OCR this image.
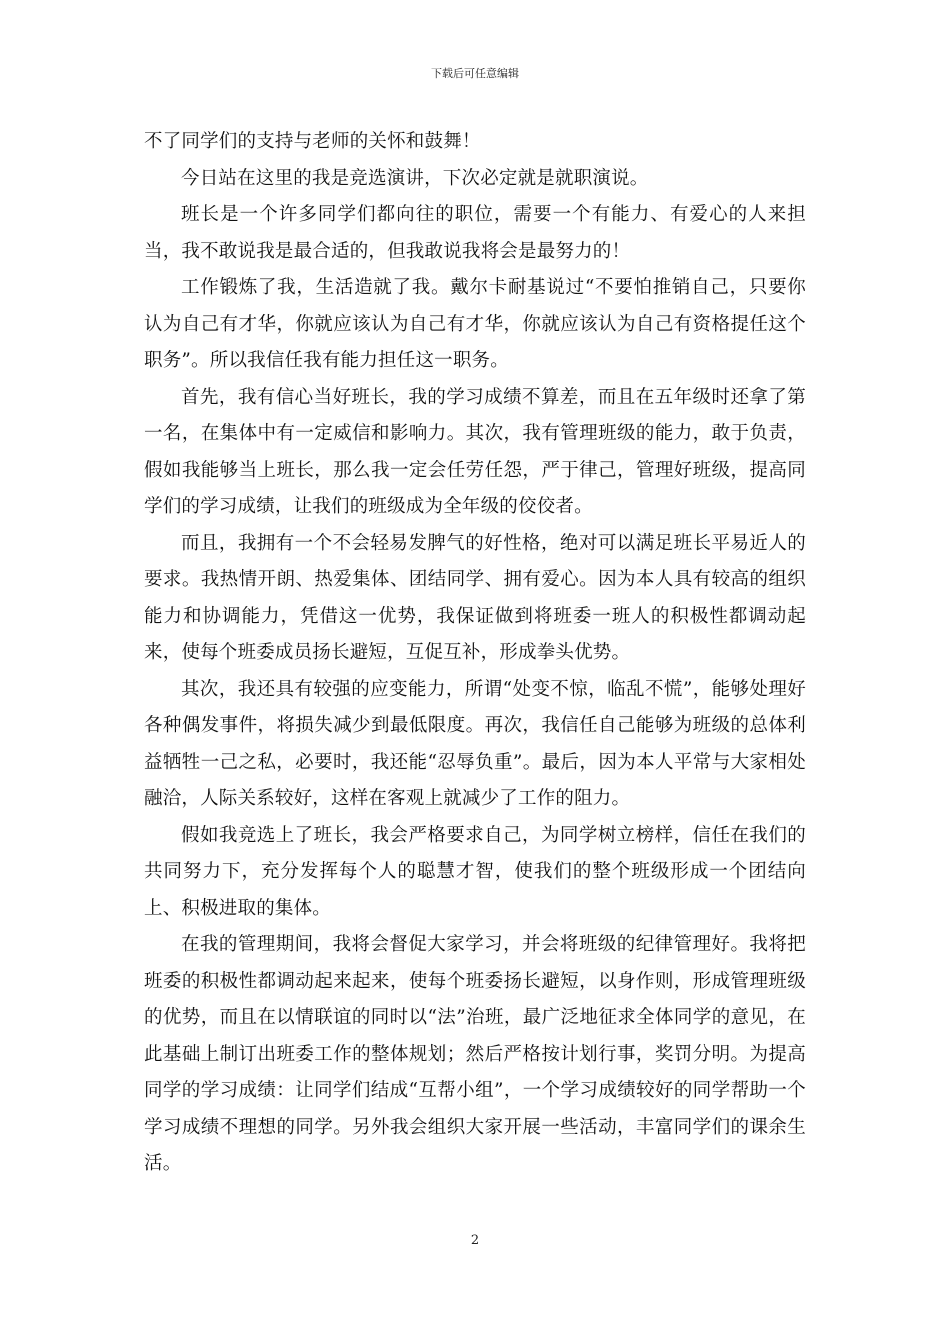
下载后可任意编辑

不了同学们的支持与老师的关怀和鼓舞！

今日站在这里的我是竞选演讲，下次必定就是就职演说。

班长是一个许多同学们都向往的职位，需要一个有能力、有爱心的人来担当，我不敢说我是最合适的，但我敢说我将会是最努力的！

工作锻炼了我，生活造就了我。戴尔卡耐基说过“不要怕推销自己，只要你认为自己有才华，你就应该认为自己有才华，你就应该认为自己有资格提任这个职务”。所以我信任我有能力担任这一职务。

首先，我有信心当好班长，我的学习成绩不算差，而且在五年级时还拿了第一名，在集体中有一定威信和影响力。其次，我有管理班级的能力，敢于负责，假如我能够当上班长，那么我一定会任劳任怨，严于律己，管理好班级，提高同学们的学习成绩，让我们的班级成为全年级的佼佼者。

而且，我拥有一个不会轻易发脾气的好性格，绝对可以满足班长平易近人的要求。我热情开朗、热爱集体、团结同学、拥有爱心。因为本人具有较高的组织能力和协调能力，凭借这一优势，我保证做到将班委一班人的积极性都调动起来，使每个班委成员扬长避短，互促互补，形成拳头优势。

其次，我还具有较强的应变能力，所谓“处变不惊，临乱不慌”，能够处理好各种偶发事件，将损失减少到最低限度。再次，我信任自己能够为班级的总体利益牺牲一己之私，必要时，我还能“忍辱负重”。最后，因为本人平常与大家相处融洽，人际关系较好，这样在客观上就减少了工作的阻力。

假如我竞选上了班长，我会严格要求自己，为同学树立榜样，信任在我们的共同努力下，充分发挥每个人的聪慧才智，使我们的整个班级形成一个团结向上、积极进取的集体。

在我的管理期间，我将会督促大家学习，并会将班级的纪律管理好。我将把班委的积极性都调动起来起来，使每个班委扬长避短，以身作则，形成管理班级的优势，而且在以情联谊的同时以“法”治班，最广泛地征求全体同学的意见，在此基础上制订出班委工作的整体规划；然后严格按计划行事，奖罚分明。为提高同学的学习成绩：让同学们结成“互帮小组”，一个学习成绩较好的同学帮助一个学习成绩不理想的同学。另外我会组织大家开展一些活动，丰富同学们的课余生活。

2
